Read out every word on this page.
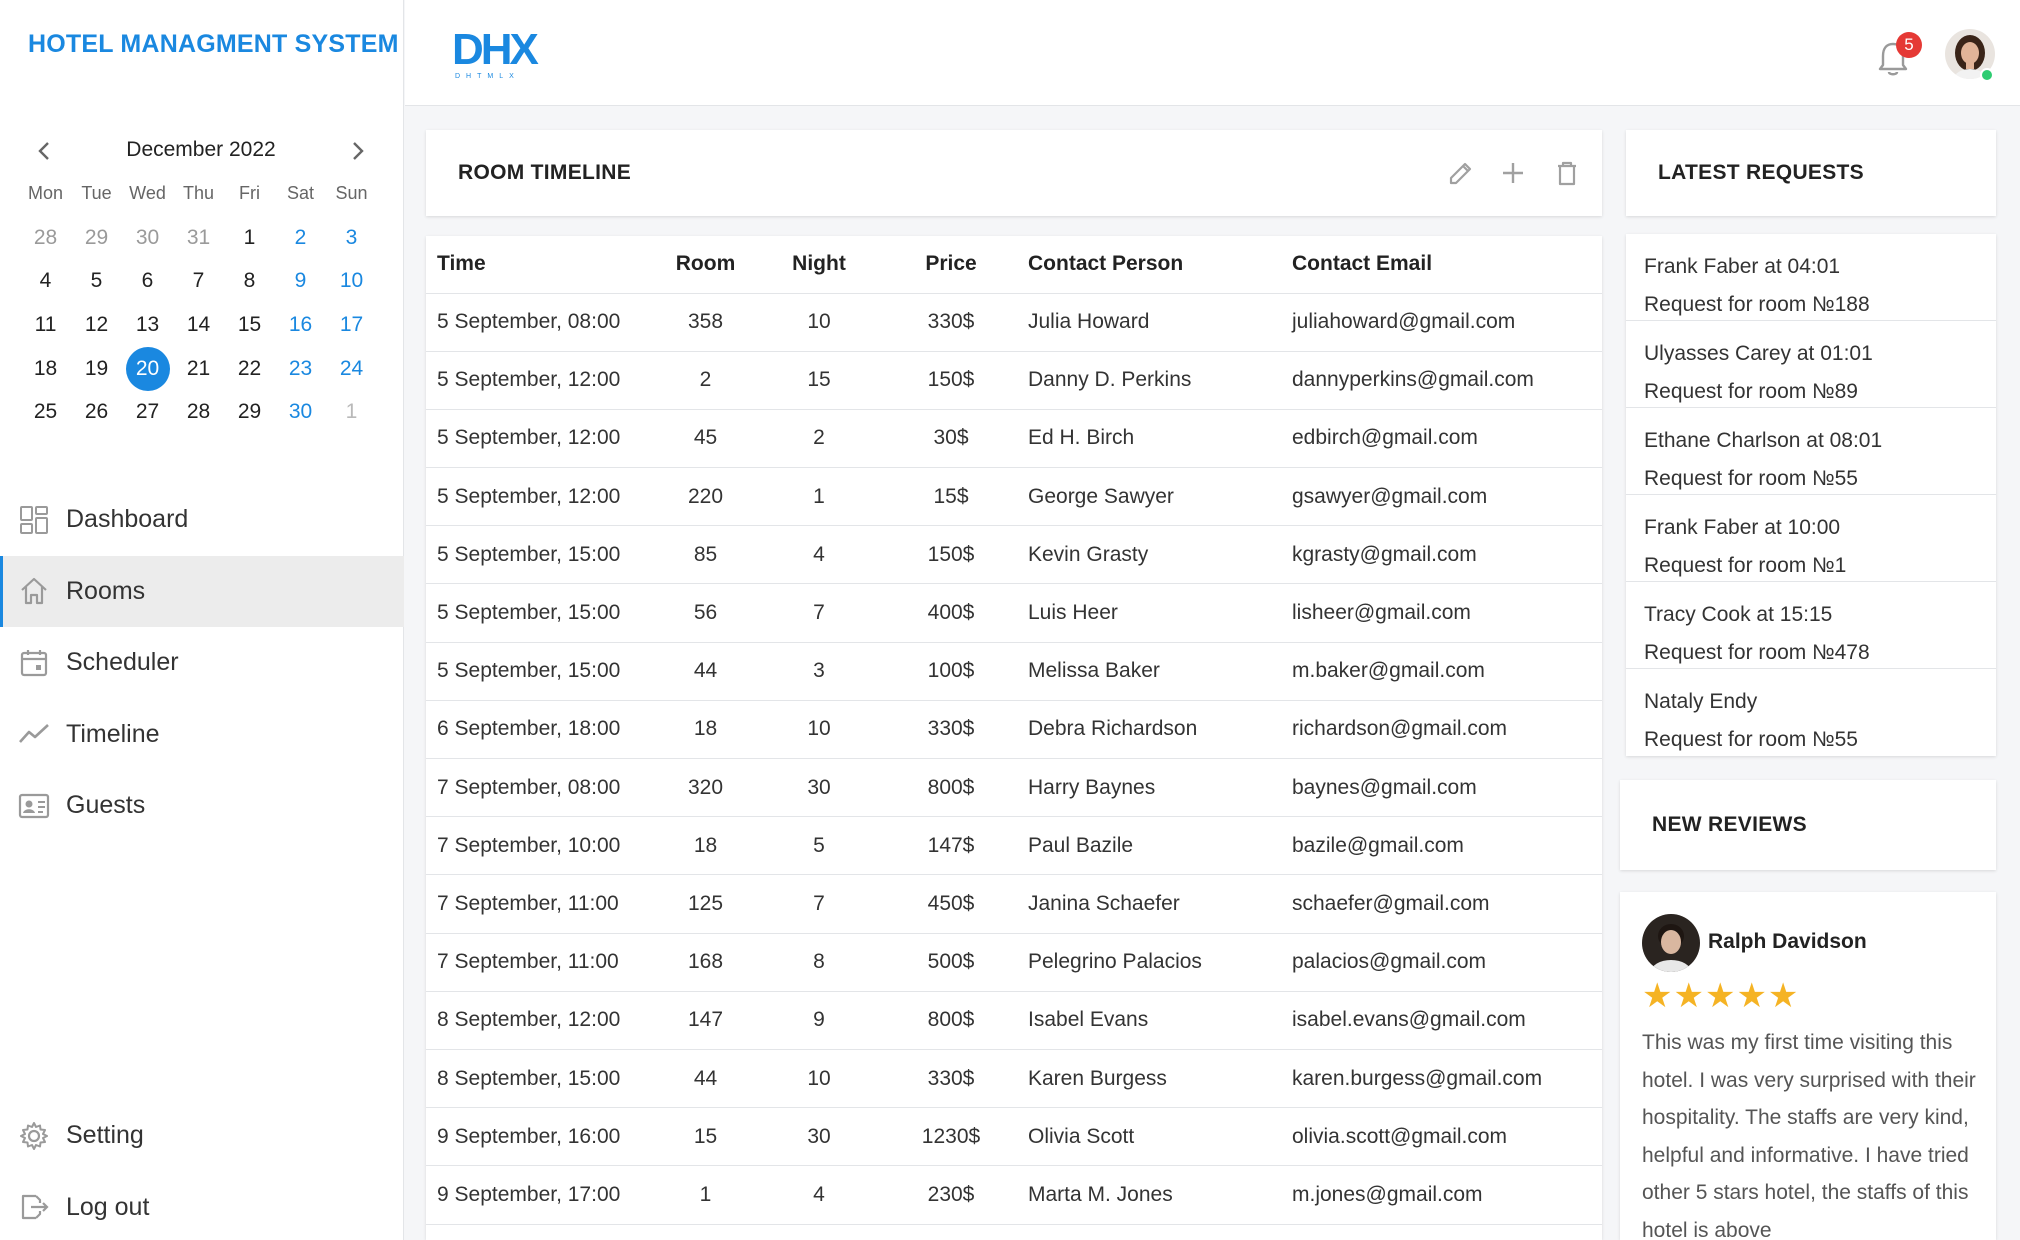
HOTEL MANAGMENT SYSTEM
December 2022
Mon	Tue Wed Thu	Fri	Sat	Sun
28	29	30	31	1	2	3
4	5	6	7	8	9	10
11	12	13	14	15	16	17
18	19	20	21	22	23	24
25	26	27	28	29	30	1
Dashboard
Rooms
Scheduler
Timeline
Guests
Setting
Log out
DHX
DHTMLX
5
ROOM TIMELINE
Time	Room	Night	Price	Contact Person	Contact Email
5 September, 08:00	358	10	330$	Julia Howard	juliahoward@gmail.com
5 September, 12:00	2	15	150$	Danny D. Perkins	dannyperkins@gmail.com
5 September, 12:00	45	2	30$	Ed H. Birch	edbirch@gmail.com
5 September, 12:00	220	1	15$	George Sawyer	gsawyer@gmail.com
5 September, 15:00	85	4	150$	Kevin Grasty	kgrasty@gmail.com
5 September, 15:00	56	7	400$	Luis Heer	lisheer@gmail.com
5 September, 15:00	44	3	100$	Melissa Baker	m.baker@gmail.com
6 September, 18:00	18	10	330$	Debra Richardson	richardson@gmail.com
7 September, 08:00	320	30	800$	Harry Baynes	baynes@gmail.com
7 September, 10:00	18	5	147$	Paul Bazile	bazile@gmail.com
7 September, 11:00	125	7	450$	Janina Schaefer	schaefer@gmail.com
7 September, 11:00	168	8	500$	Pelegrino Palacios	palacios@gmail.com
8 September, 12:00	147	9	800$	Isabel Evans	isabel.evans@gmail.com
8 September, 15:00	44	10	330$	Karen Burgess	karen.burgess@gmail.com
9 September, 16:00	15	30	1230$	Olivia Scott	olivia.scott@gmail.com
9 September, 17:00	1	4	230$	Marta M. Jones	m.jones@gmail.com
LATEST REQUESTS
Frank Faber at 04:01
Request for room №188
Ulyasses Carey at 01:01
Request for room №89
Ethane Charlson at 08:01
Request for room №55
Frank Faber at 10:00
Request for room №1
Tracy Cook at 15:15
Request for room №478
Nataly Endy
Request for room №55
NEW REVIEWS
Ralph Davidson
★★★★★
This was my first time visiting this hotel. I was very surprised with their hospitality. The staffs are very kind, helpful and informative. I have tried other 5 stars hotel, the staffs of this hotel is above
